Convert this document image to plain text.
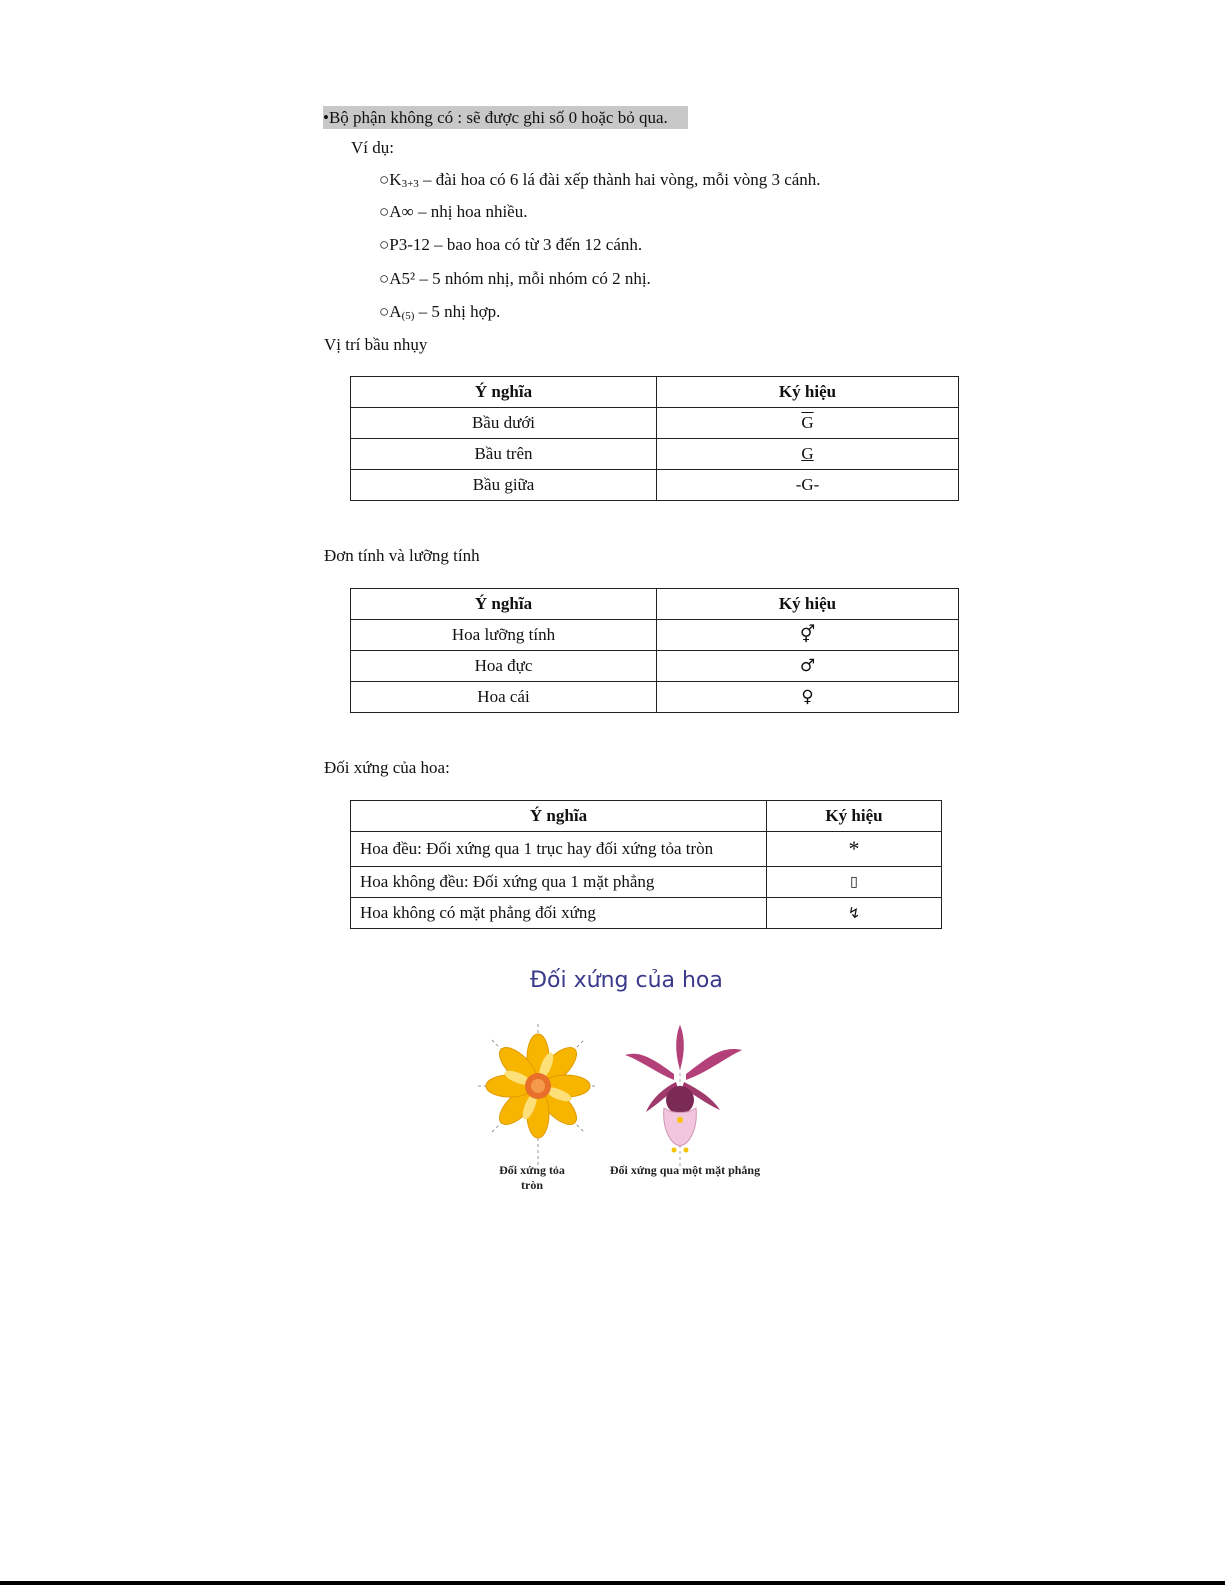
•Bộ phận không có : sẽ được ghi số 0 hoặc bỏ qua.
Ví dụ:
○K3+3 – đài hoa có 6 lá đài xếp thành hai vòng, mỗi vòng 3 cánh.
○A∞ – nhị hoa nhiều.
○P3-12 – bao hoa có từ 3 đến 12 cánh.
○A5² – 5 nhóm nhị, mỗi nhóm có 2 nhị.
○A(5) – 5 nhị hợp.
Vị trí bầu nhụy
Ý nghĩa	Ký hiệu
Bầu dưới	$\overline{G}$
Bầu trên	G
Bầu giữa	-G-
Đơn tính và lưỡng tính
Ý nghĩa	Ký hiệu
Hoa lưỡng tính	⚥
Hoa đực	♂
Hoa cái	♀
Đối xứng của hoa:
Ý nghĩa	Ký hiệu
Hoa đều: Đối xứng qua 1 trục hay đối xứng tỏa tròn	*
Hoa không đều: Đối xứng qua 1 mặt phẳng	▯
Hoa không có mặt phẳng đối xứng	↯
Đối xứng của hoa
Đối xứng tỏa tròn
Đối xứng qua một mặt phẳng
